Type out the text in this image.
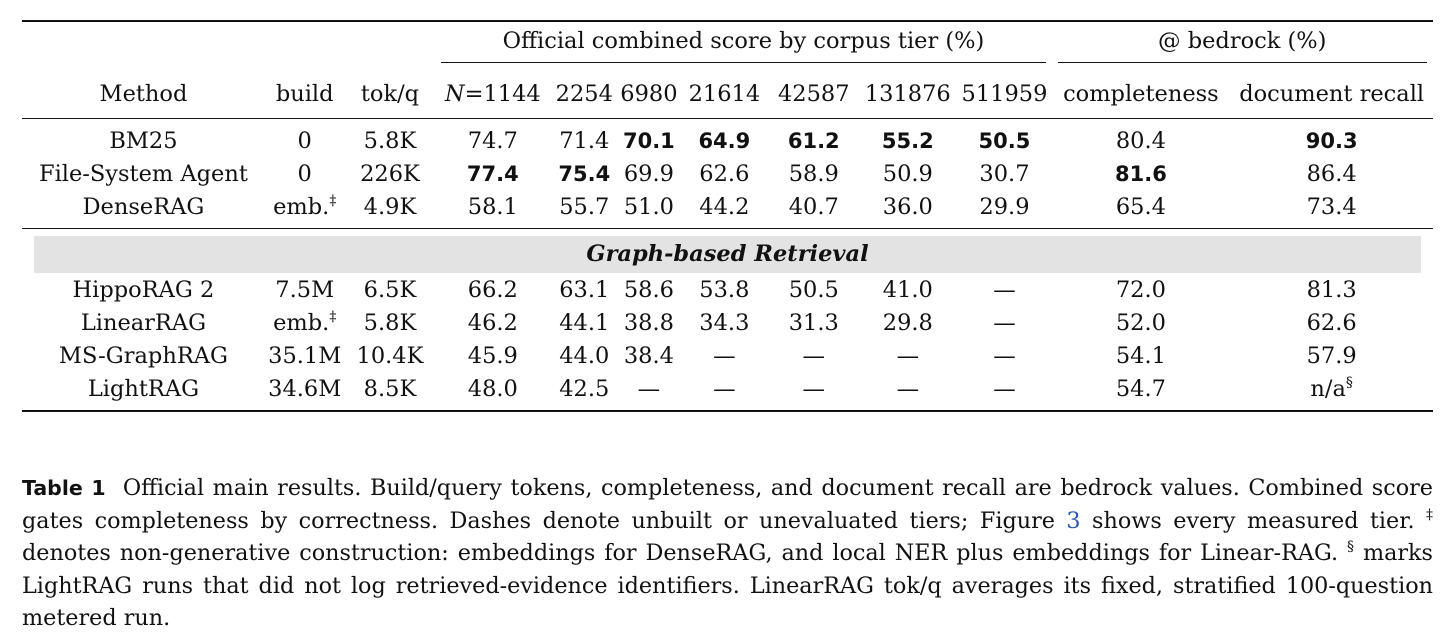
			Official combined score by corpus tier (%)							@ bedrock (%)	

Method	build	tok/q	N=1144	2254	6980	21614	42587	131876	511959	completeness	document recall
BM25	0	5.8K	74.7	71.4	70.1	64.9	61.2	55.2	50.5	80.4	90.3
File-System Agent	0	226K	77.4	75.4	69.9	62.6	58.9	50.9	30.7	81.6	86.4
DenseRAG	emb.‡	4.9K	58.1	55.7	51.0	44.2	40.7	36.0	29.9	65.4	73.4

Graph-based Retrieval											

HippoRAG 2	7.5M	6.5K	66.2	63.1	58.6	53.8	50.5	41.0	—	72.0	81.3
LinearRAG	emb.‡	5.8K	46.2	44.1	38.8	34.3	31.3	29.8	—	52.0	62.6
MS-GraphRAG	35.1M	10.4K	45.9	44.0	38.4	—	—	—	—	54.1	57.9
LightRAG	34.6M	8.5K	48.0	42.5	—	—	—	—	—	54.7	n/a§

Table 1 Official main results. Build/query tokens, completeness, and document recall are bedrock values. Combined score gates completeness by correctness. Dashes denote unbuilt or unevaluated tiers; Figure 3 shows every measured tier. ‡ denotes non-generative construction: embeddings for DenseRAG, and local NER plus embeddings for Linear-RAG. § marks LightRAG runs that did not log retrieved-evidence identifiers. LinearRAG tok/q averages its fixed, stratified 100-question metered run.
